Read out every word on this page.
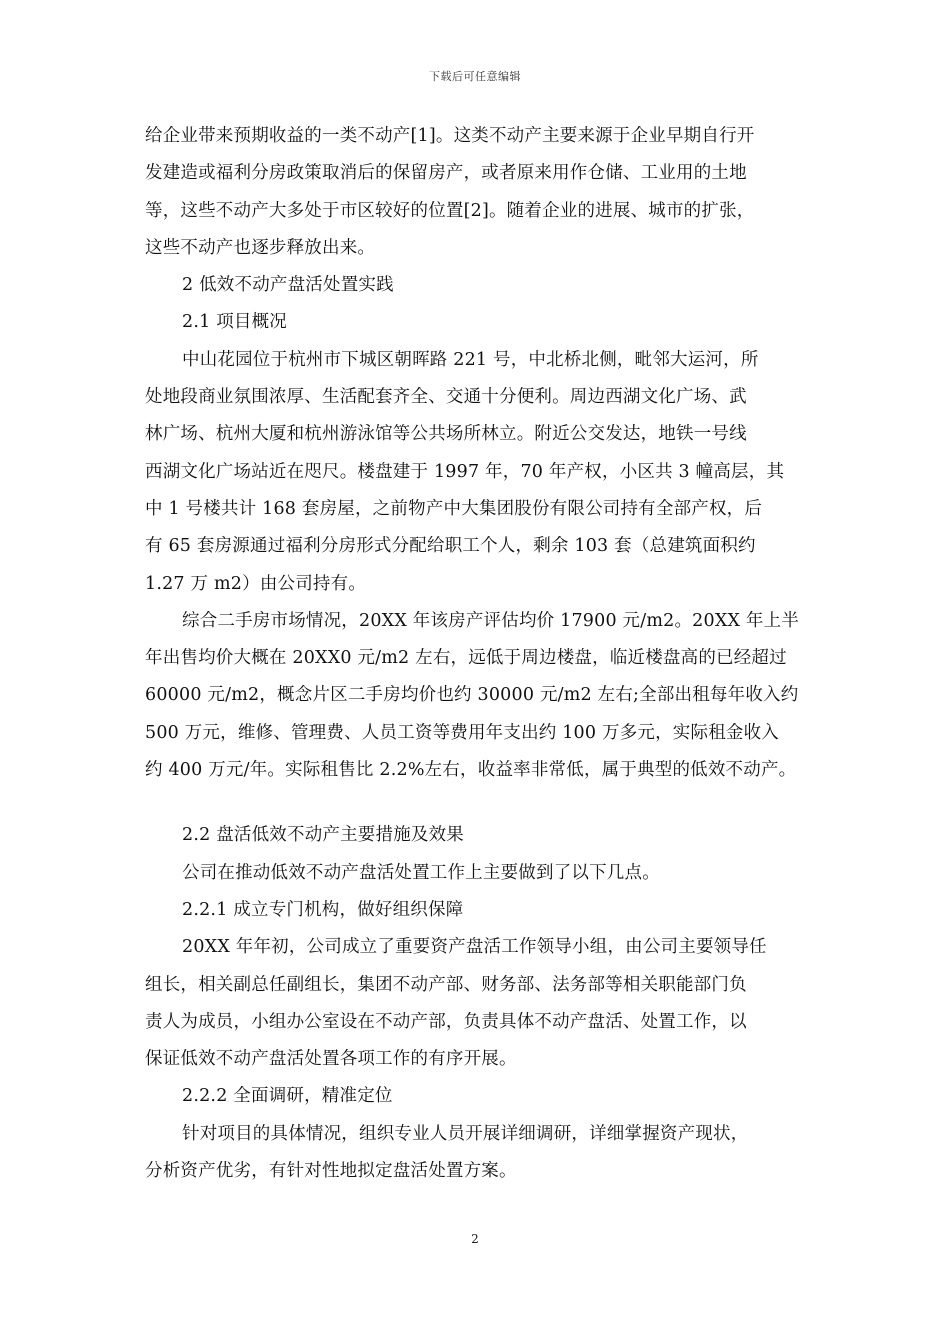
下载后可任意编辑
给企业带来预期收益的一类不动产[1]。这类不动产主要来源于企业早期自行开
发建造或福利分房政策取消后的保留房产，或者原来用作仓储、工业用的土地
等，这些不动产大多处于市区较好的位置[2]。随着企业的进展、城市的扩张，
这些不动产也逐步释放出来。
2 低效不动产盘活处置实践
2.1 项目概况
中山花园位于杭州市下城区朝晖路 221 号，中北桥北侧，毗邻大运河，所
处地段商业氛围浓厚、生活配套齐全、交通十分便利。周边西湖文化广场、武
林广场、杭州大厦和杭州游泳馆等公共场所林立。附近公交发达，地铁一号线
西湖文化广场站近在咫尺。楼盘建于 1997 年，70 年产权，小区共 3 幢高层，其
中 1 号楼共计 168 套房屋，之前物产中大集团股份有限公司持有全部产权，后
有 65 套房源通过福利分房形式分配给职工个人，剩余 103 套（总建筑面积约
1.27 万 m2）由公司持有。
综合二手房市场情况，20XX 年该房产评估均价 17900 元/m2。20XX 年上半
年出售均价大概在 20XX0 元/m2 左右，远低于周边楼盘，临近楼盘高的已经超过
60000 元/m2，概念片区二手房均价也约 30000 元/m2 左右;全部出租每年收入约
500 万元，维修、管理费、人员工资等费用年支出约 100 万多元，实际租金收入
约 400 万元/年。实际租售比 2.2%左右，收益率非常低，属于典型的低效不动产。
2.2 盘活低效不动产主要措施及效果
公司在推动低效不动产盘活处置工作上主要做到了以下几点。
2.2.1 成立专门机构，做好组织保障
20XX 年年初，公司成立了重要资产盘活工作领导小组，由公司主要领导任
组长，相关副总任副组长，集团不动产部、财务部、法务部等相关职能部门负
责人为成员，小组办公室设在不动产部，负责具体不动产盘活、处置工作，以
保证低效不动产盘活处置各项工作的有序开展。
2.2.2 全面调研，精准定位
针对项目的具体情况，组织专业人员开展详细调研，详细掌握资产现状，
分析资产优劣，有针对性地拟定盘活处置方案。
2
